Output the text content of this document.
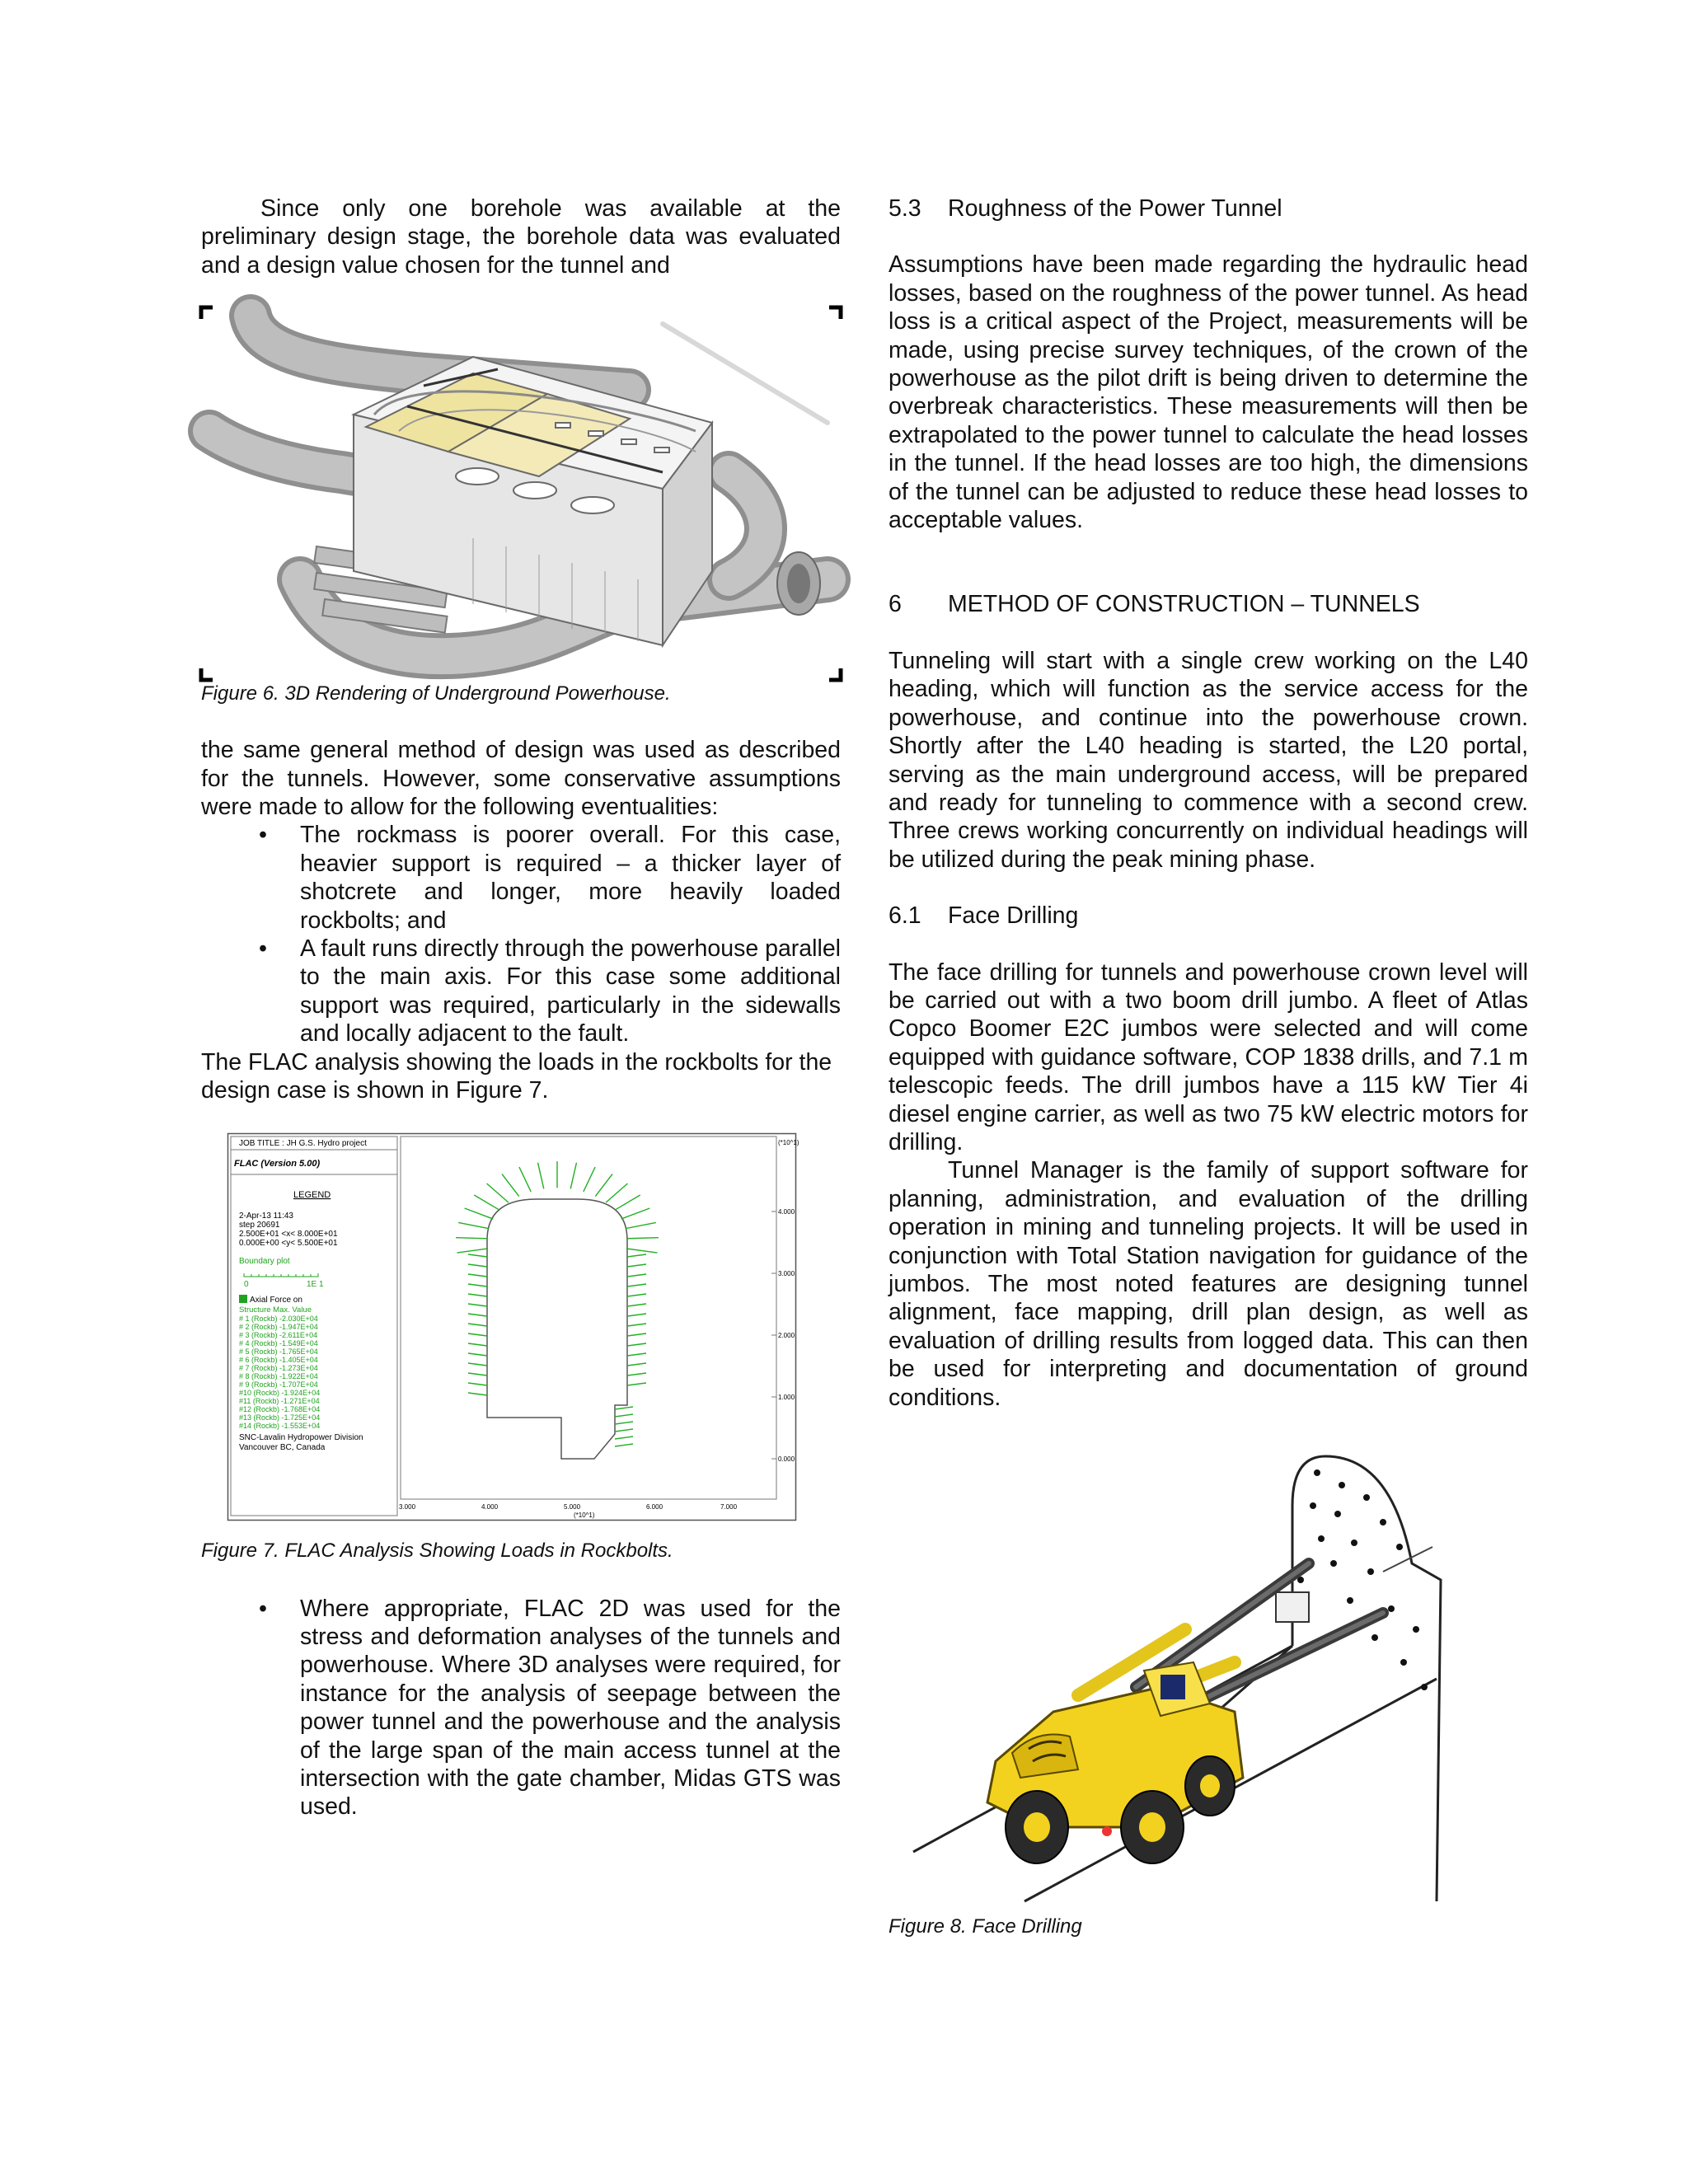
Since only one borehole was available at the preliminary design stage, the borehole data was evaluated and a design value chosen for the tunnel and

Figure 6. 3D Rendering of Underground Powerhouse.

the same general method of design was used as described for the tunnels. However, some conservative assumptions were made to allow for the following eventualities:

• The rockmass is poorer overall. For this case, heavier support is required – a thicker layer of shotcrete and longer, more heavily loaded rockbolts; and
• A fault runs directly through the powerhouse parallel to the main axis. For this case some additional support was required, particularly in the sidewalls and locally adjacent to the fault.

The FLAC analysis showing the loads in the rockbolts for the design case is shown in Figure 7.

JOB TITLE : JH G.S. Hydro project
FLAC (Version 5.00)
LEGEND
2-Apr-13 11:43
step 20691
2.500E+01 <x< 8.000E+01
0.000E+00 <y< 5.500E+01
Boundary plot
0	1E 1
Axial Force on
Structure Max. Value
# 1 (Rockb) -2.030E+04
# 2 (Rockb) -1.947E+04
# 3 (Rockb) -2.611E+04
# 4 (Rockb) -1.549E+04
# 5 (Rockb) -1.765E+04
# 6 (Rockb) -1.405E+04
# 7 (Rockb) -1.273E+04
# 8 (Rockb) -1.922E+04
# 9 (Rockb) -1.707E+04
#10 (Rockb) -1.924E+04
#11 (Rockb) -1.271E+04
#12 (Rockb) -1.768E+04
#13 (Rockb) -1.725E+04
#14 (Rockb) -1.553E+04
SNC-Lavalin Hydropower Division
Vancouver BC, Canada
(*10^1)
4.000
3.000
2.000
1.000
0.000
3.000	4.000	5.000	6.000	7.000
(*10^1)

Figure 7. FLAC Analysis Showing Loads in Rockbolts.

• Where appropriate, FLAC 2D was used for the stress and deformation analyses of the tunnels and powerhouse. Where 3D analyses were required, for instance for the analysis of seepage between the power tunnel and the powerhouse and the analysis of the large span of the main access tunnel at the intersection with the gate chamber, Midas GTS was used.

5.3 Roughness of the Power Tunnel

Assumptions have been made regarding the hydraulic head losses, based on the roughness of the power tunnel. As head loss is a critical aspect of the Project, measurements will be made, using precise survey techniques, of the crown of the powerhouse as the pilot drift is being driven to determine the overbreak characteristics. These measurements will then be extrapolated to the power tunnel to calculate the head losses in the tunnel. If the head losses are too high, the dimensions of the tunnel can be adjusted to reduce these head losses to acceptable values.

6 METHOD OF CONSTRUCTION – TUNNELS

Tunneling will start with a single crew working on the L40 heading, which will function as the service access for the powerhouse, and continue into the powerhouse crown. Shortly after the L40 heading is started, the L20 portal, serving as the main underground access, will be prepared and ready for tunneling to commence with a second crew. Three crews working concurrently on individual headings will be utilized during the peak mining phase.

6.1 Face Drilling

The face drilling for tunnels and powerhouse crown level will be carried out with a two boom drill jumbo. A fleet of Atlas Copco Boomer E2C jumbos were selected and will come equipped with guidance software, COP 1838 drills, and 7.1 m telescopic feeds. The drill jumbos have a 115 kW Tier 4i diesel engine carrier, as well as two 75 kW electric motors for drilling.

Tunnel Manager is the family of support software for planning, administration, and evaluation of the drilling operation in mining and tunneling projects. It will be used in conjunction with Total Station navigation for guidance of the jumbos. The most noted features are designing tunnel alignment, face mapping, drill plan design, as well as evaluation of drilling results from logged data. This can then be used for interpreting and documentation of ground conditions.

Figure 8. Face Drilling
